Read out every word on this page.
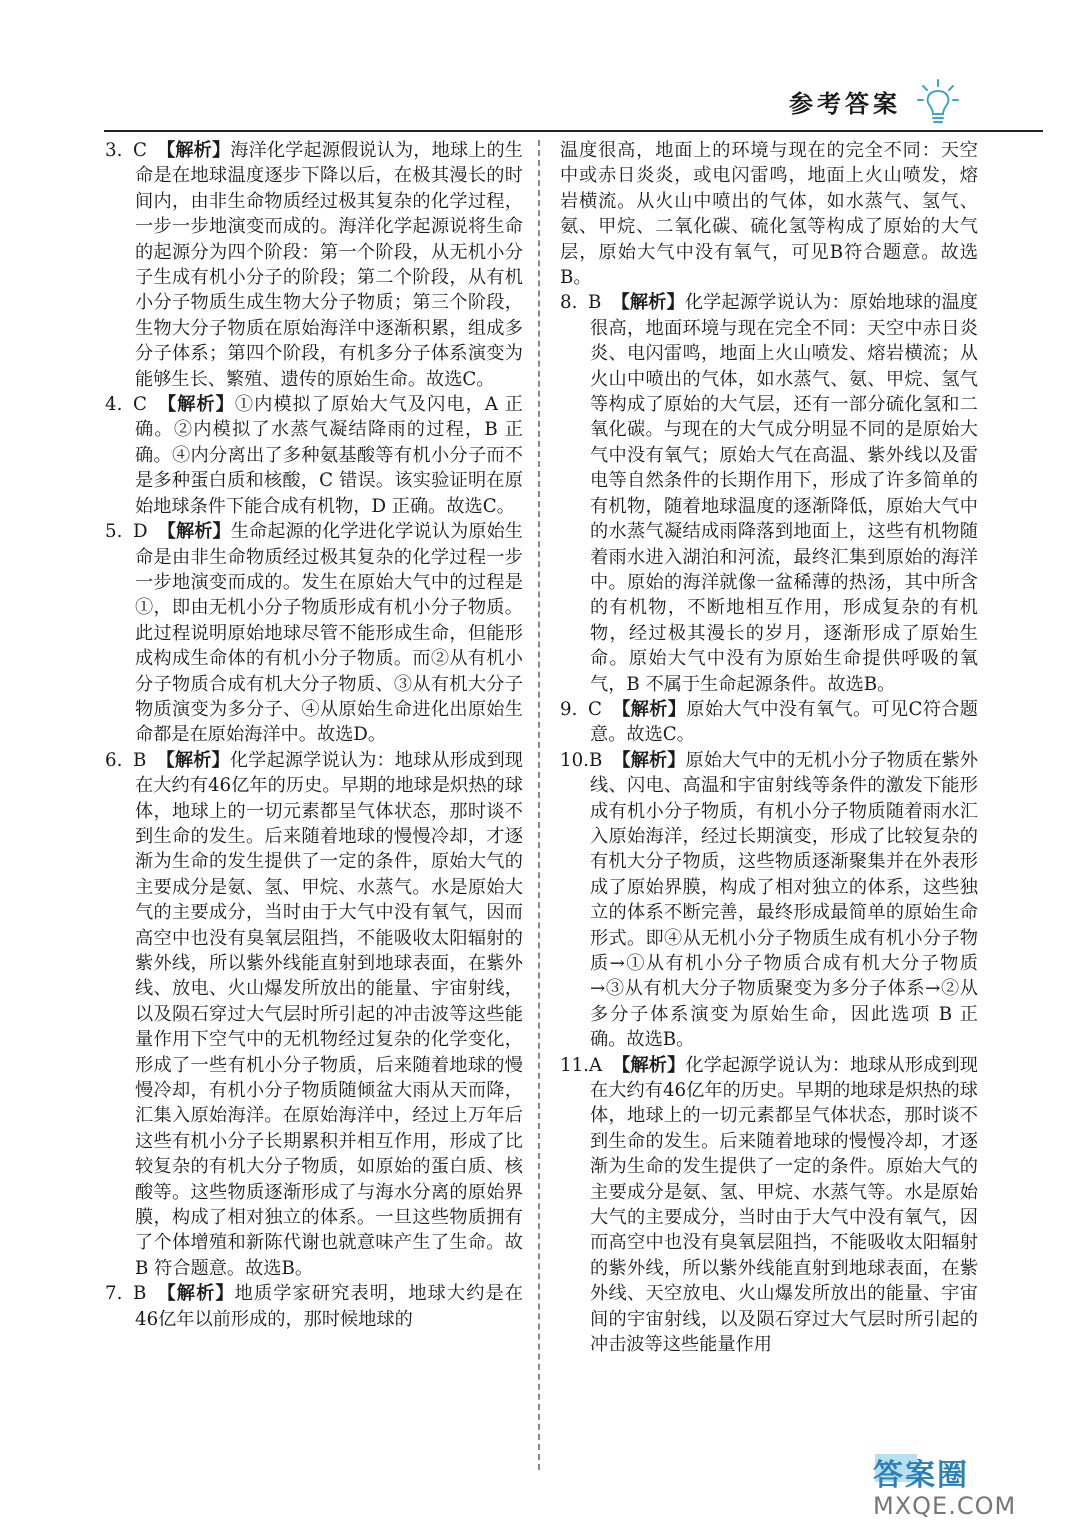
参考答案

3. C 【解析】海洋化学起源假说认为，地球上的生命是在地球温度逐步下降以后，在极其漫长的时间内，由非生命物质经过极其复杂的化学过程，一步一步地演变而成的。海洋化学起源说将生命的起源分为四个阶段：第一个阶段，从无机小分子生成有机小分子的阶段；第二个阶段，从有机小分子物质生成生物大分子物质；第三个阶段，生物大分子物质在原始海洋中逐渐积累，组成多分子体系；第四个阶段，有机多分子体系演变为能够生长、繁殖、遗传的原始生命。故选C。

4. C 【解析】①内模拟了原始大气及闪电，A 正确。②内模拟了水蒸气凝结降雨的过程，B 正确。④内分离出了多种氨基酸等有机小分子而不是多种蛋白质和核酸，C 错误。该实验证明在原始地球条件下能合成有机物，D 正确。故选C。

5. D 【解析】生命起源的化学进化学说认为原始生命是由非生命物质经过极其复杂的化学过程一步一步地演变而成的。发生在原始大气中的过程是①，即由无机小分子物质形成有机小分子物质。此过程说明原始地球尽管不能形成生命，但能形成构成生命体的有机小分子物质。而②从有机小分子物质合成有机大分子物质、③从有机大分子物质演变为多分子、④从原始生命进化出原始生命都是在原始海洋中。故选D。

6. B 【解析】化学起源学说认为：地球从形成到现在大约有46亿年的历史。早期的地球是炽热的球体，地球上的一切元素都呈气体状态，那时谈不到生命的发生。后来随着地球的慢慢冷却，才逐渐为生命的发生提供了一定的条件，原始大气的主要成分是氨、氢、甲烷、水蒸气。水是原始大气的主要成分，当时由于大气中没有氧气，因而高空中也没有臭氧层阻挡，不能吸收太阳辐射的紫外线，所以紫外线能直射到地球表面，在紫外线、放电、火山爆发所放出的能量、宇宙射线，以及陨石穿过大气层时所引起的冲击波等这些能量作用下空气中的无机物经过复杂的化学变化，形成了一些有机小分子物质，后来随着地球的慢慢冷却，有机小分子物质随倾盆大雨从天而降，汇集入原始海洋。在原始海洋中，经过上万年后这些有机小分子长期累积并相互作用，形成了比较复杂的有机大分子物质，如原始的蛋白质、核酸等。这些物质逐渐形成了与海水分离的原始界膜，构成了相对独立的体系。一旦这些物质拥有了个体增殖和新陈代谢也就意味产生了生命。故 B 符合题意。故选B。

7. B 【解析】地质学家研究表明，地球大约是在46亿年以前形成的，那时候地球的

温度很高，地面上的环境与现在的完全不同：天空中或赤日炎炎，或电闪雷鸣，地面上火山喷发，熔岩横流。从火山中喷出的气体，如水蒸气、氢气、氨、甲烷、二氧化碳、硫化氢等构成了原始的大气层，原始大气中没有氧气，可见B符合题意。故选B。

8. B 【解析】化学起源学说认为：原始地球的温度很高，地面环境与现在完全不同：天空中赤日炎炎、电闪雷鸣，地面上火山喷发、熔岩横流；从火山中喷出的气体，如水蒸气、氨、甲烷、氢气等构成了原始的大气层，还有一部分硫化氢和二氧化碳。与现在的大气成分明显不同的是原始大气中没有氧气；原始大气在高温、紫外线以及雷电等自然条件的长期作用下，形成了许多简单的有机物，随着地球温度的逐渐降低，原始大气中的水蒸气凝结成雨降落到地面上，这些有机物随着雨水进入湖泊和河流，最终汇集到原始的海洋中。原始的海洋就像一盆稀薄的热汤，其中所含的有机物，不断地相互作用，形成复杂的有机物，经过极其漫长的岁月，逐渐形成了原始生命。原始大气中没有为原始生命提供呼吸的氧气，B 不属于生命起源条件。故选B。

9. C 【解析】原始大气中没有氧气。可见C符合题意。故选C。

10.B 【解析】原始大气中的无机小分子物质在紫外线、闪电、高温和宇宙射线等条件的激发下能形成有机小分子物质，有机小分子物质随着雨水汇入原始海洋，经过长期演变，形成了比较复杂的有机大分子物质，这些物质逐渐聚集并在外表形成了原始界膜，构成了相对独立的体系，这些独立的体系不断完善，最终形成最简单的原始生命形式。即④从无机小分子物质生成有机小分子物质→①从有机小分子物质合成有机大分子物质→③从有机大分子物质聚变为多分子体系→②从多分子体系演变为原始生命，因此选项 B 正确。故选B。

11.A 【解析】化学起源学说认为：地球从形成到现在大约有46亿年的历史。早期的地球是炽热的球体，地球上的一切元素都呈气体状态，那时谈不到生命的发生。后来随着地球的慢慢冷却，才逐渐为生命的发生提供了一定的条件。原始大气的主要成分是氨、氢、甲烷、水蒸气等。水是原始大气的主要成分，当时由于大气中没有氧气，因而高空中也没有臭氧层阻挡，不能吸收太阳辐射的紫外线，所以紫外线能直射到地球表面，在紫外线、天空放电、火山爆发所放出的能量、宇宙间的宇宙射线，以及陨石穿过大气层时所引起的冲击波等这些能量作用

答案圈
MXQE.COM
